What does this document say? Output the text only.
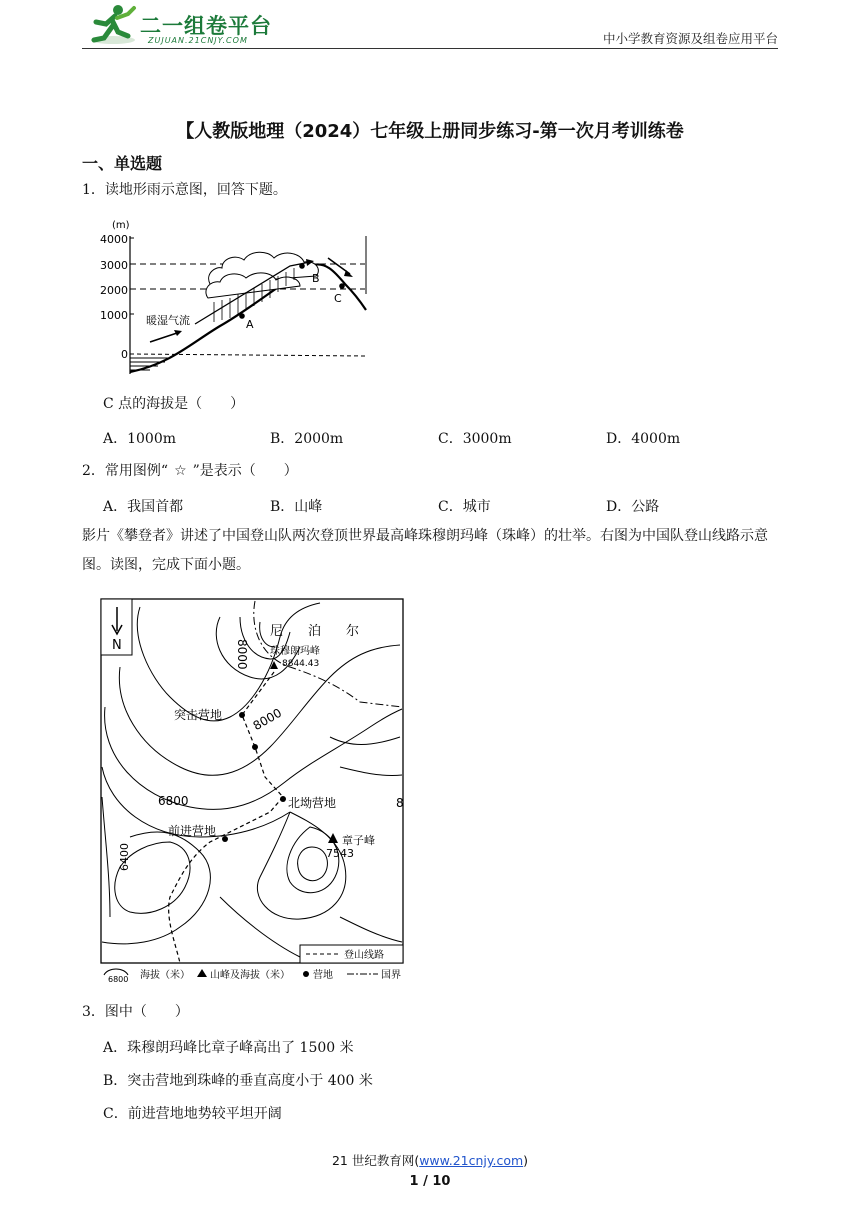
二一组卷平台
ZUJUAN.21CNJY.COM	中小学教育资源及组卷应用平台
【人教版地理（2024）七年级上册同步练习-第一次月考训练卷
一、单选题
1．读地形雨示意图，回答下题。
(m)
4000
3000
2000
1000
0
暖湿气流	A
B
C
C 点的海拔是（　　）
A．1000m	B．2000m	C．3000m	D．4000m
2．常用图例“ ☆ ”是表示（　　）
A．我国首都	B．山峰	C．城市	D．公路
影片《攀登者》讲述了中国登山队两次登顶世界最高峰珠穆朗玛峰（珠峰）的壮举。右图为中国队登山线路示意图。读图，完成下面小题。
N
尼 泊 尔
珠穆朗玛峰
8844.43
8000
8000
突击营地
6800	北坳营地	8
前进营地
章子峰
7543
6400
登山线路
6800 海拔（米） 山峰及海拔（米） 营地	国界
3．图中（　　）
A．珠穆朗玛峰比章子峰高出了 1500 米
B．突击营地到珠峰的垂直高度小于 400 米
C．前进营地地势较平坦开阔
21 世纪教育网(www.21cnjy.com)
1 / 10
